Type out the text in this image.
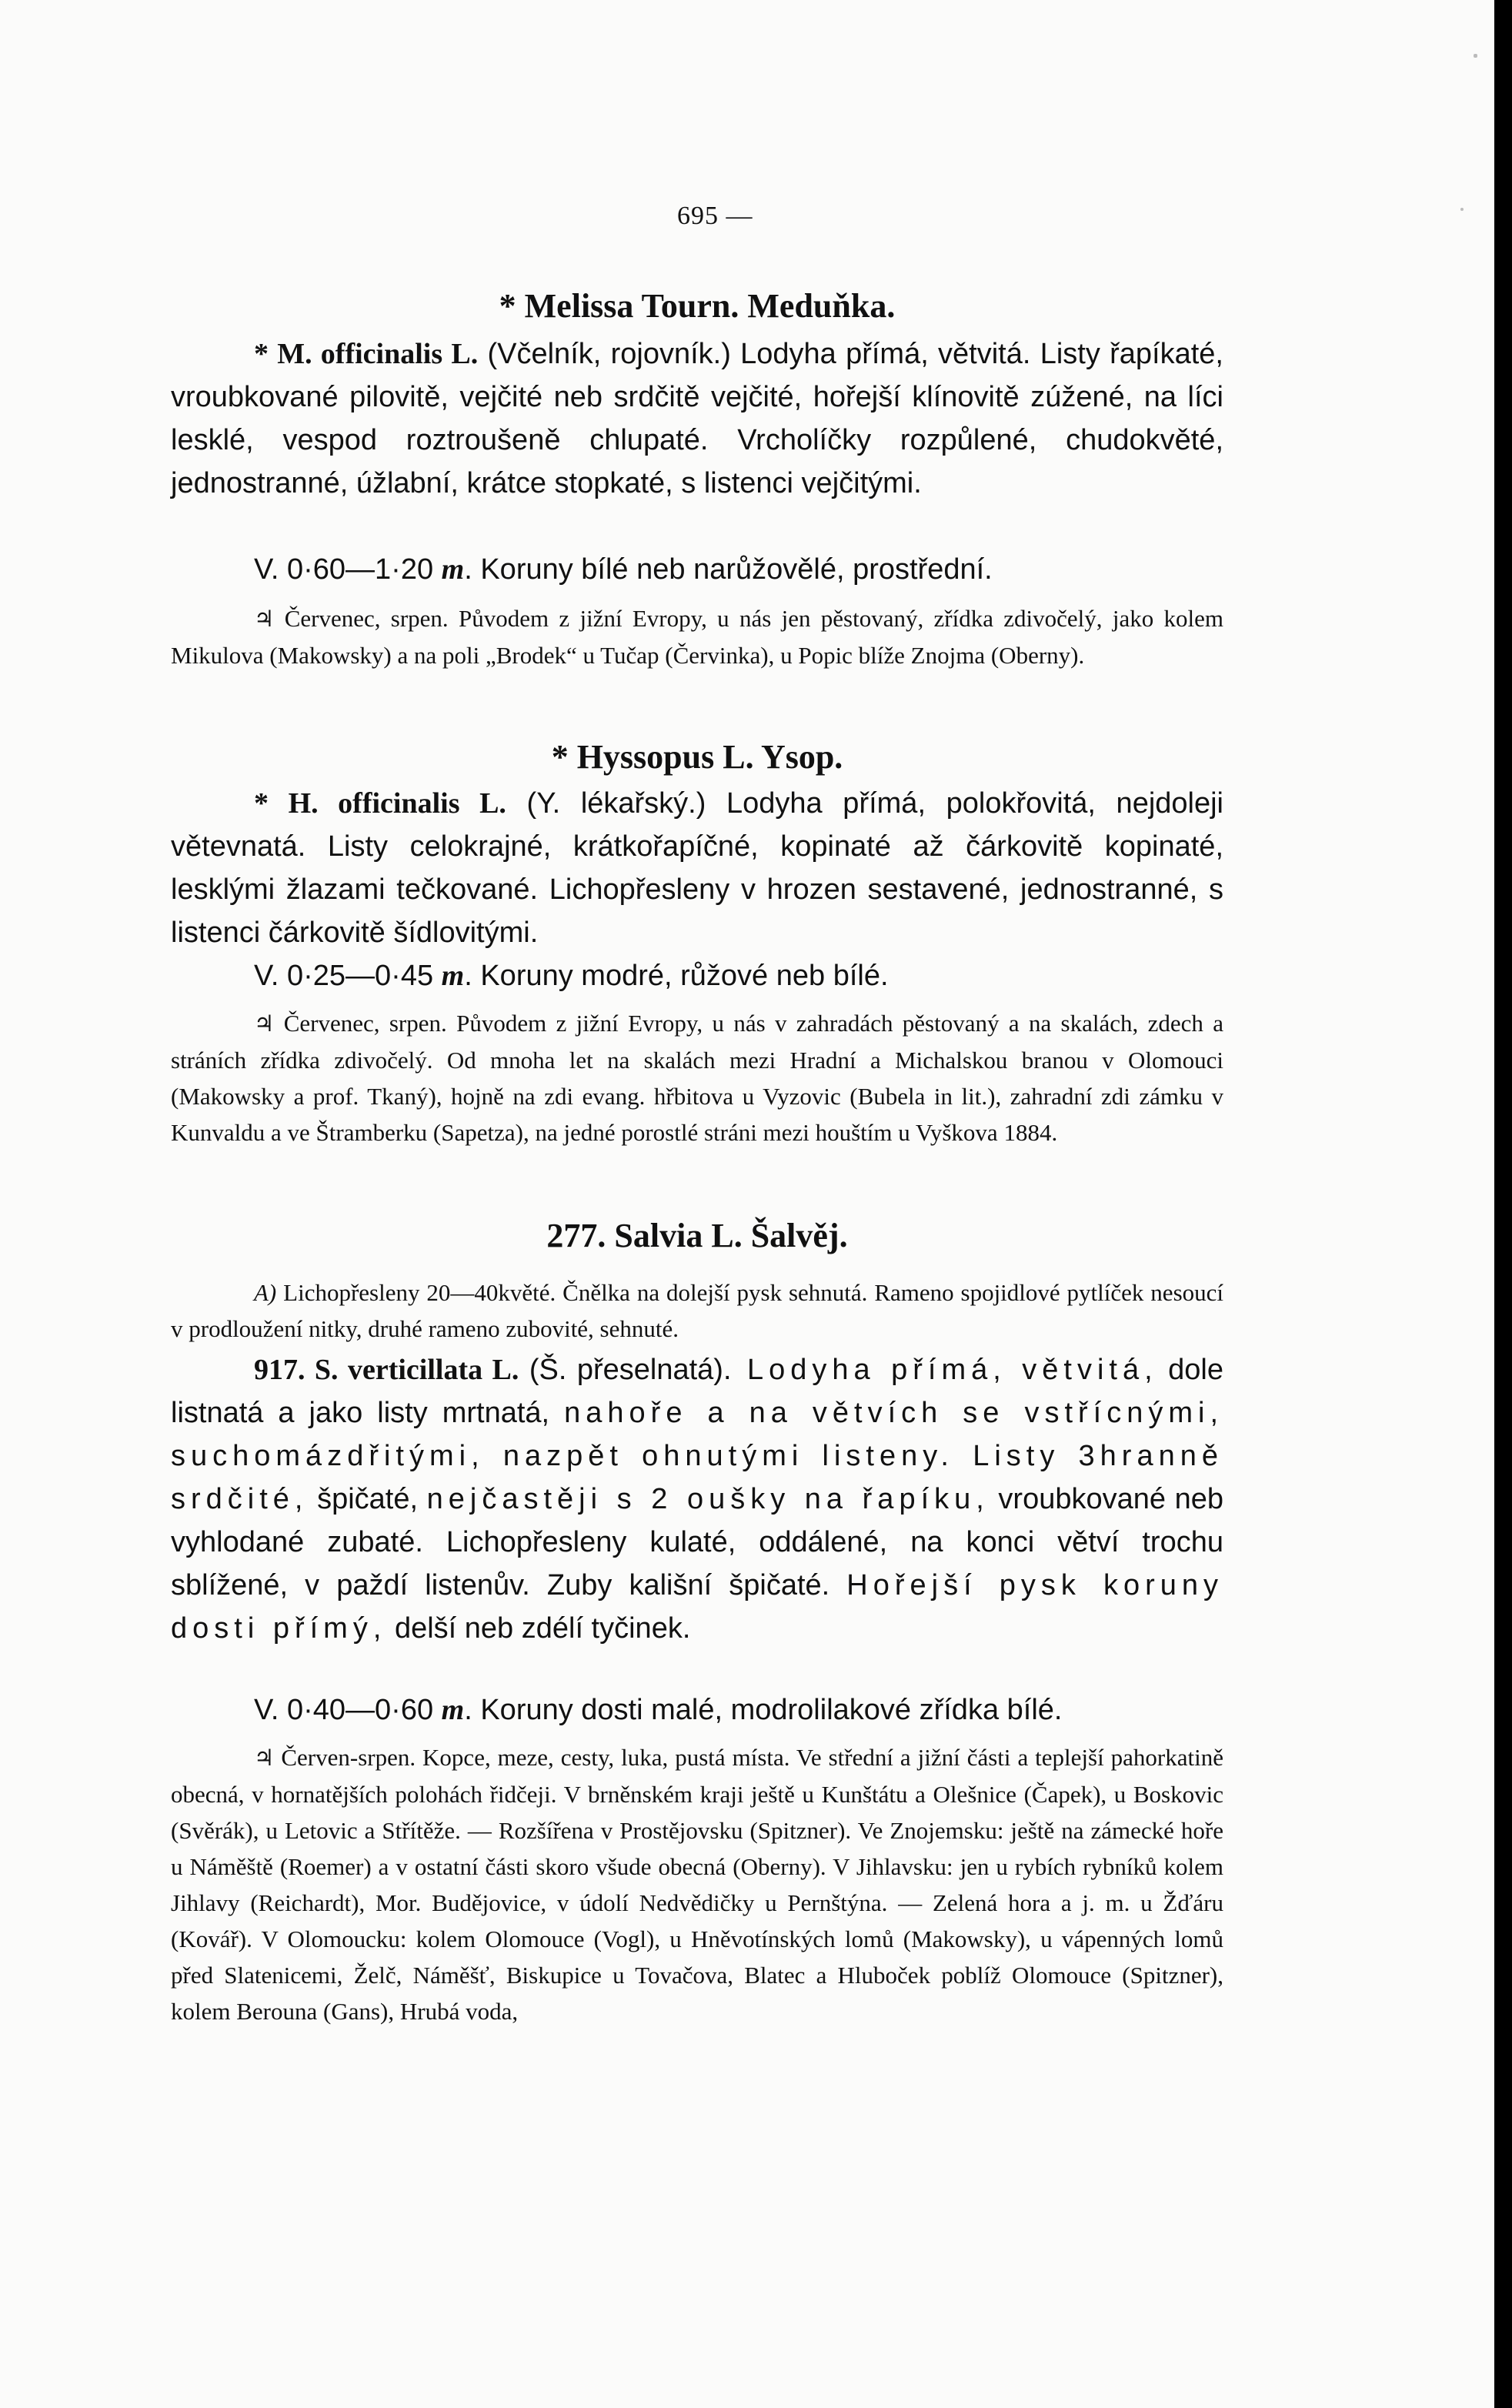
695 —
* Melissa Tourn. Meduňka.

* M. officinalis L. (Včelník, rojovník.) Lodyha přímá, větvitá. Listy řapíkaté, vroubkované pilovitě, vejčité neb srdčitě vejčité, hořejší klínovitě zúžené, na líci lesklé, vespod roztroušeně chlupaté. Vrcholíčky rozpůlené, chudokvěté, jednostranné, úžlabní, krátce stopkaté, s listenci vejčitými.

V. 0·60—1·20 m. Koruny bílé neb narůžovělé, prostřední.

♃ Červenec, srpen. Původem z jižní Evropy, u nás jen pěstovaný, zřídka zdivočelý, jako kolem Mikulova (Makowsky) a na poli „Brodek“ u Tučap (Červinka), u Popic blíže Znojma (Oberny).

* Hyssopus L. Ysop.

* H. officinalis L. (Y. lékařský.) Lodyha přímá, polokřovitá, nejdoleji větevnatá. Listy celokrajné, krátkořapíčné, kopinaté až čárkovitě kopinaté, lesklými žlazami tečkované. Lichopřesleny v hrozen sestavené, jednostranné, s listenci čárkovitě šídlovitými.

V. 0·25—0·45 m. Koruny modré, růžové neb bílé.

♃ Červenec, srpen. Původem z jižní Evropy, u nás v zahradách pěstovaný a na skalách, zdech a stráních zřídka zdivočelý. Od mnoha let na skalách mezi Hradní a Michalskou branou v Olomouci (Makowsky a prof. Tkaný), hojně na zdi evang. hřbitova u Vyzovic (Bubela in lit.), zahradní zdi zámku v Kunvaldu a ve Štramberku (Sapetza), na jedné porostlé stráni mezi houštím u Vyškova 1884.

277. Salvia L. Šalvěj.

A) Lichopřesleny 20—40květé. Čnělka na dolejší pysk sehnutá. Rameno spojidlové pytlíček nesoucí v prodloužení nitky, druhé rameno zubovité, sehnuté.

917. S. verticillata L. (Š. přeselnatá). Lodyha přímá, větvitá, dole listnatá a jako listy mrtnatá, nahoře a na větvích se vstřícnými, suchomázdřitými, nazpět ohnutými listeny. Listy 3hranně srdčité, špičaté, nejčastěji s 2 oušky na řapíku, vroubkované neb vyhlodané zubaté. Lichopřesleny kulaté, oddálené, na konci větví trochu sblížené, v paždí listenův. Zuby kališní špičaté. Hořejší pysk koruny dosti přímý, delší neb zdélí tyčinek.

V. 0·40—0·60 m. Koruny dosti malé, modrolilakové zřídka bílé.

♃ Červen-srpen. Kopce, meze, cesty, luka, pustá místa. Ve střední a jižní části a teplejší pahorkatině obecná, v hornatějších polohách řidčeji. V brněnském kraji ještě u Kunštátu a Olešnice (Čapek), u Boskovic (Svěrák), u Letovic a Střítěže. — Rozšířena v Prostějovsku (Spitzner). Ve Znojemsku: ještě na zámecké hoře u Náměště (Roemer) a v ostatní části skoro všude obecná (Oberny). V Jihlavsku: jen u rybích rybníků kolem Jihlavy (Reichardt), Mor. Budějovice, v údolí Nedvědičky u Pernštýna. — Zelená hora a j. m. u Žďáru (Kovář). V Olomoucku: kolem Olomouce (Vogl), u Hněvotínských lomů (Makowsky), u vápenných lomů před Slatenicemi, Želč, Náměšť, Biskupice u Tovačova, Blatec a Hluboček poblíž Olomouce (Spitzner), kolem Berouna (Gans), Hrubá voda,
